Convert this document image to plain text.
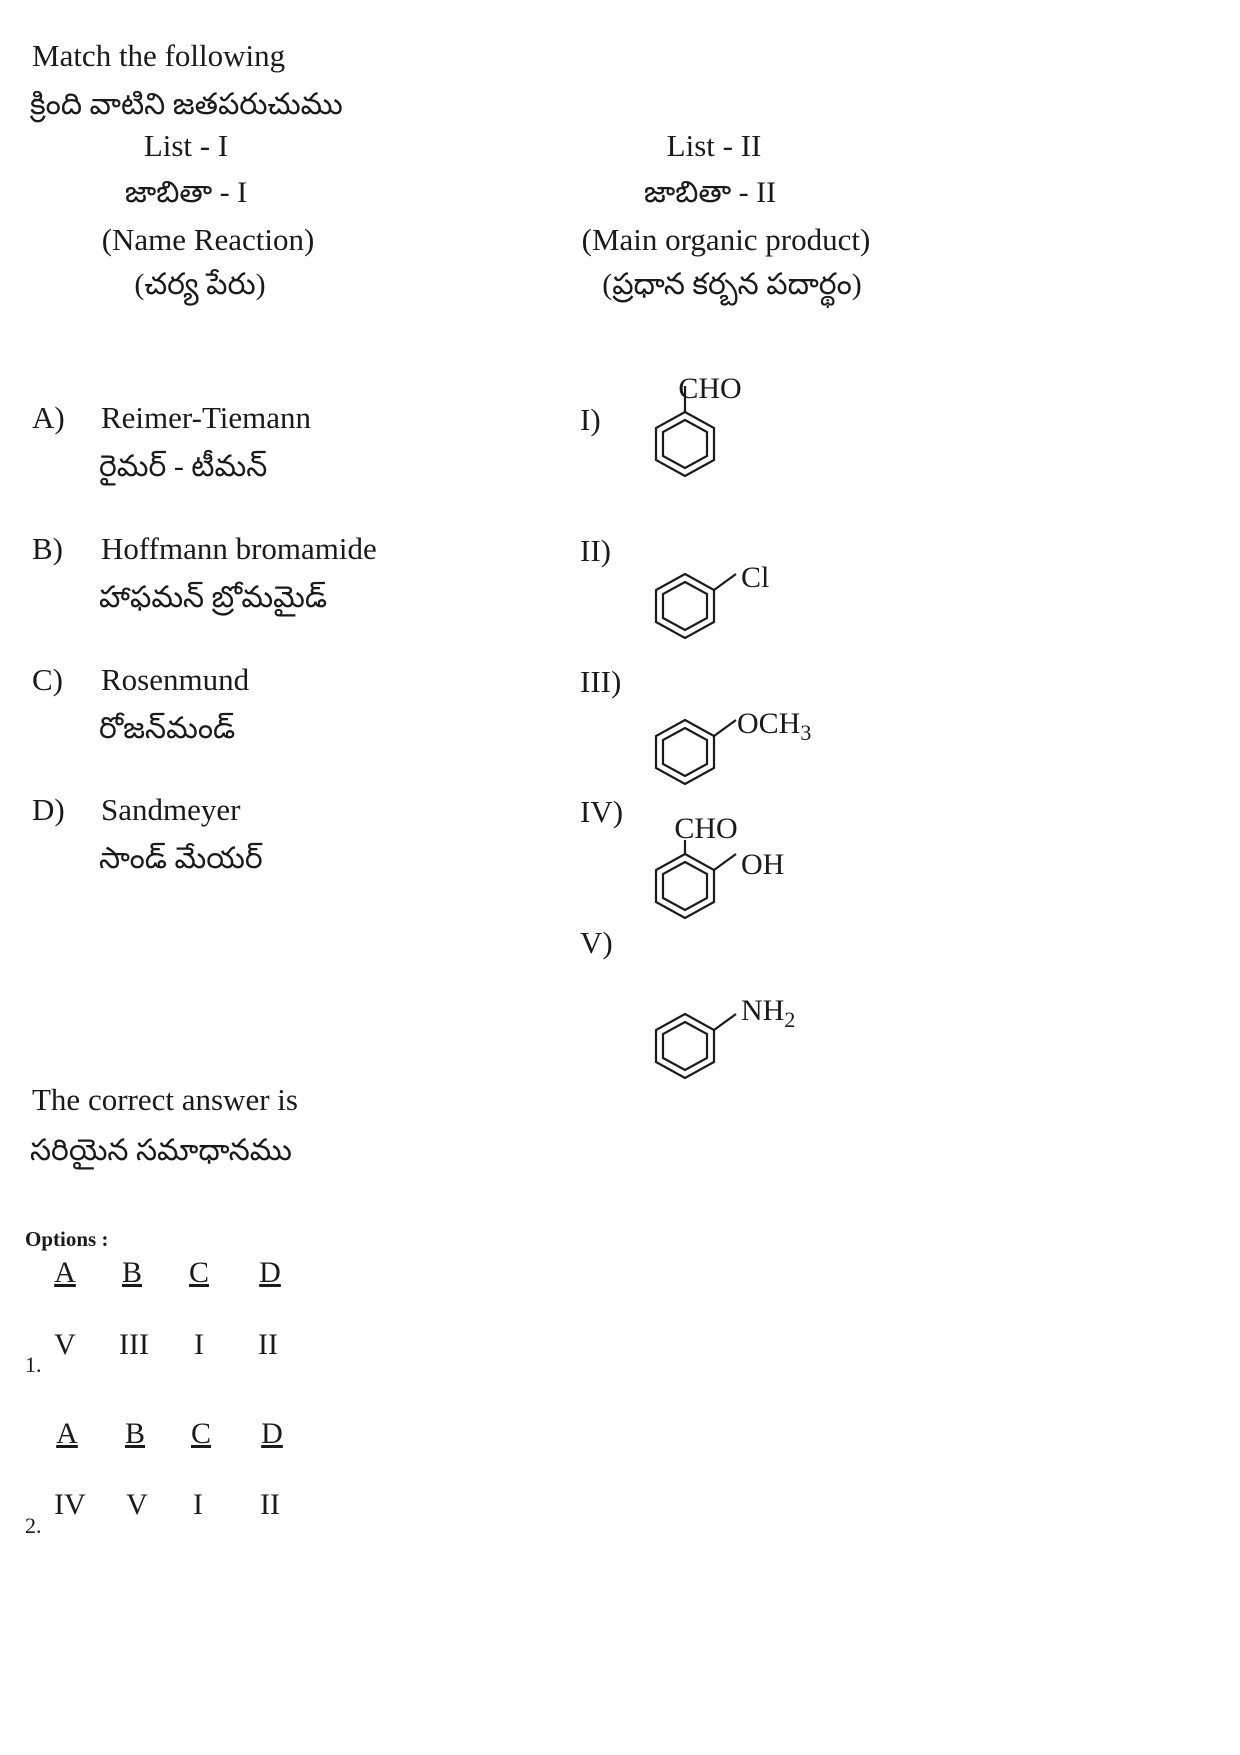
Match the following
క్రింది వాటిని జతపరుచుము
List - I
జాబితా - I
(Name Reaction)
(చర్య పేరు)
List - II
జాబితా - II
(Main organic product)
(ప్రధాన కర్బన పదార్థం)
A) Reimer-Tiemann
రైమర్ - టీమన్
B) Hoffmann bromamide
హాఫమన్ బ్రోమమైడ్
C) Rosenmund
రోజన్‌మండ్
D) Sandmeyer
సాండ్ మేయర్
I)
II)
III)
IV)
V)
CHO
Cl
$OCH_3$
CHO
OH
$NH_2$
The correct answer is
సరియైన సమాధానము
Options :
A B C D
V III I II
1.
A B C D
IV V I II
2.
